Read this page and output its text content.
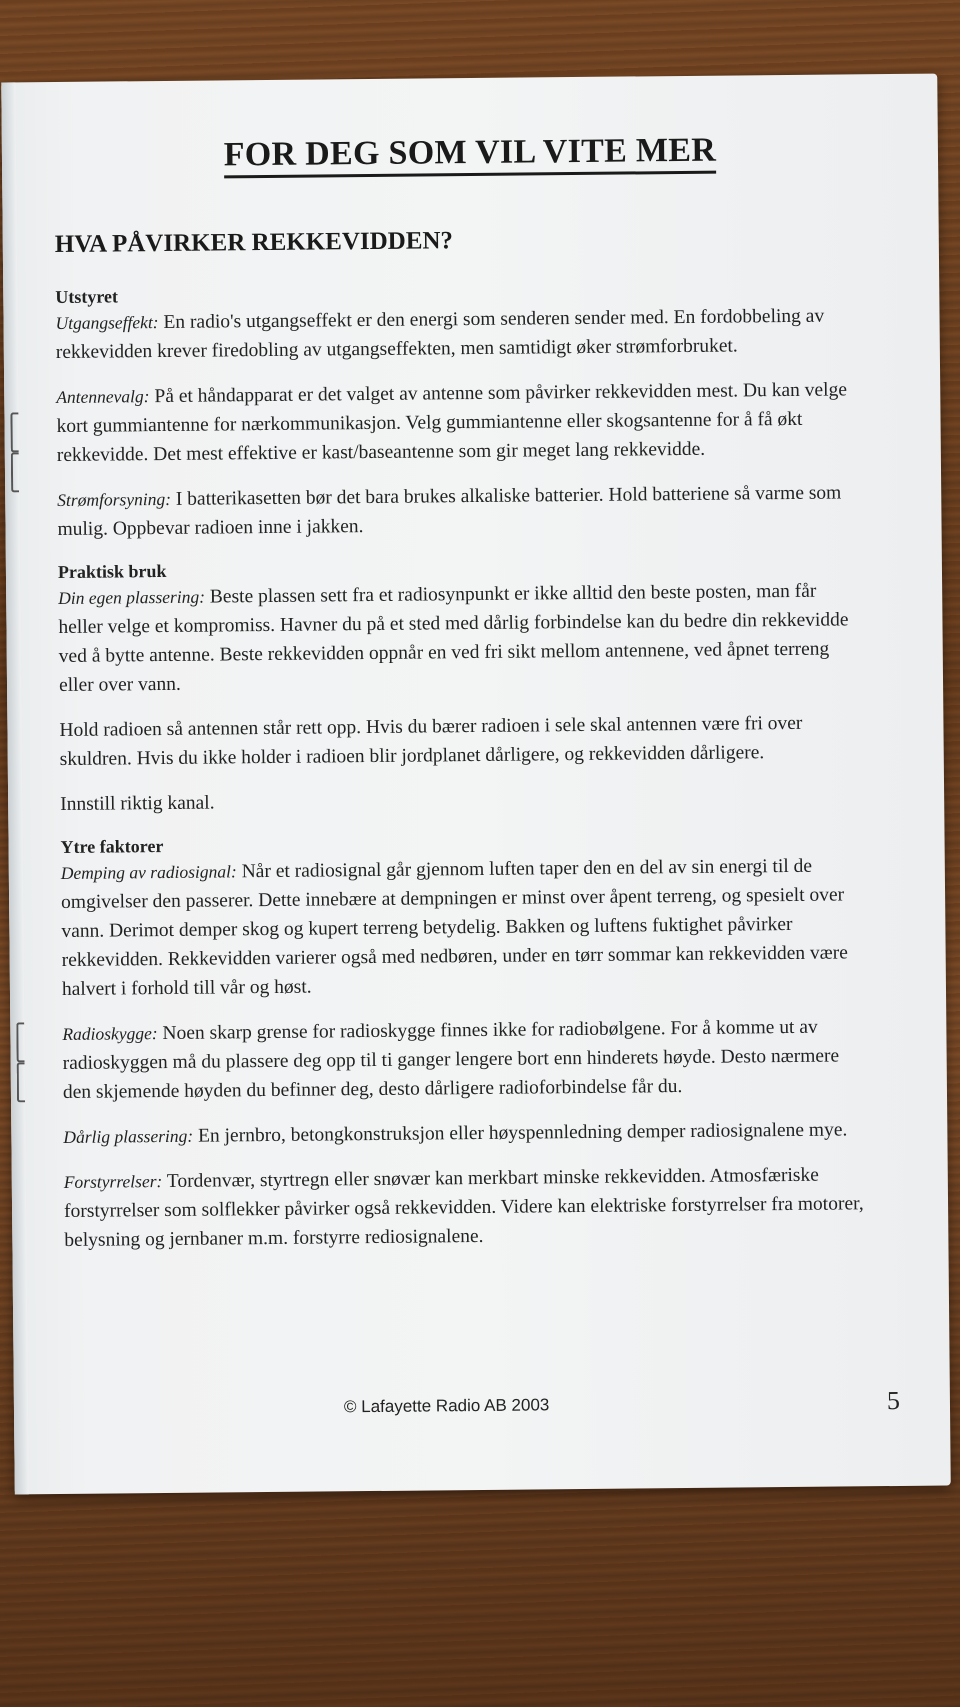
FOR DEG SOM VIL VITE MER
HVA PÅVIRKER REKKEVIDDEN?
Utstyret

Utgangseffekt: En radio's utgangseffekt er den energi som senderen sender med. En fordobbeling av rekkevidden krever firedobling av utgangseffekten, men samtidigt øker strømforbruket.

Antennevalg: På et håndapparat er det valget av antenne som påvirker rekkevidden mest. Du kan velge kort gummiantenne for nærkommunikasjon. Velg gummiantenne eller skogsantenne for å få økt rekkevidde. Det mest effektive er kast/baseantenne som gir meget lang rekkevidde.

Strømforsyning: I batterikasetten bør det bara brukes alkaliske batterier. Hold batteriene så varme som mulig. Oppbevar radioen inne i jakken.

Praktisk bruk

Din egen plassering: Beste plassen sett fra et radiosynpunkt er ikke alltid den beste posten, man får heller velge et kompromiss. Havner du på et sted med dårlig forbindelse kan du bedre din rekkevidde ved å bytte antenne. Beste rekkevidden oppnår en ved fri sikt mellom antennene, ved åpnet terreng eller over vann.

Hold radioen så antennen står rett opp. Hvis du bærer radioen i sele skal antennen være fri over skuldren. Hvis du ikke holder i radioen blir jordplanet dårligere, og rekkevidden dårligere.

Innstill riktig kanal.

Ytre faktorer

Demping av radiosignal: Når et radiosignal går gjennom luften taper den en del av sin energi til de omgivelser den passerer. Dette innebære at dempningen er minst over åpent terreng, og spesielt over vann. Derimot demper skog og kupert terreng betydelig. Bakken og luftens fuktighet påvirker rekkevidden. Rekkevidden varierer også med nedbøren, under en tørr sommar kan rekkevidden være halvert i forhold till vår og høst.

Radioskygge: Noen skarp grense for radioskygge finnes ikke for radiobølgene. For å komme ut av radioskyggen må du plassere deg opp til ti ganger lengere bort enn hinderets høyde. Desto nærmere den skjemende høyden du befinner deg, desto dårligere radioforbindelse får du.

Dårlig plassering: En jernbro, betongkonstruksjon eller høyspennledning demper radiosignalene mye.

Forstyrrelser: Tordenvær, styrtregn eller snøvær kan merkbart minske rekkevidden. Atmosfæriske forstyrrelser som solflekker påvirker også rekkevidden. Videre kan elektriske forstyrrelser fra motorer, belysning og jernbaner m.m. forstyrre rediosignalene.

© Lafayette Radio AB 2003	5
